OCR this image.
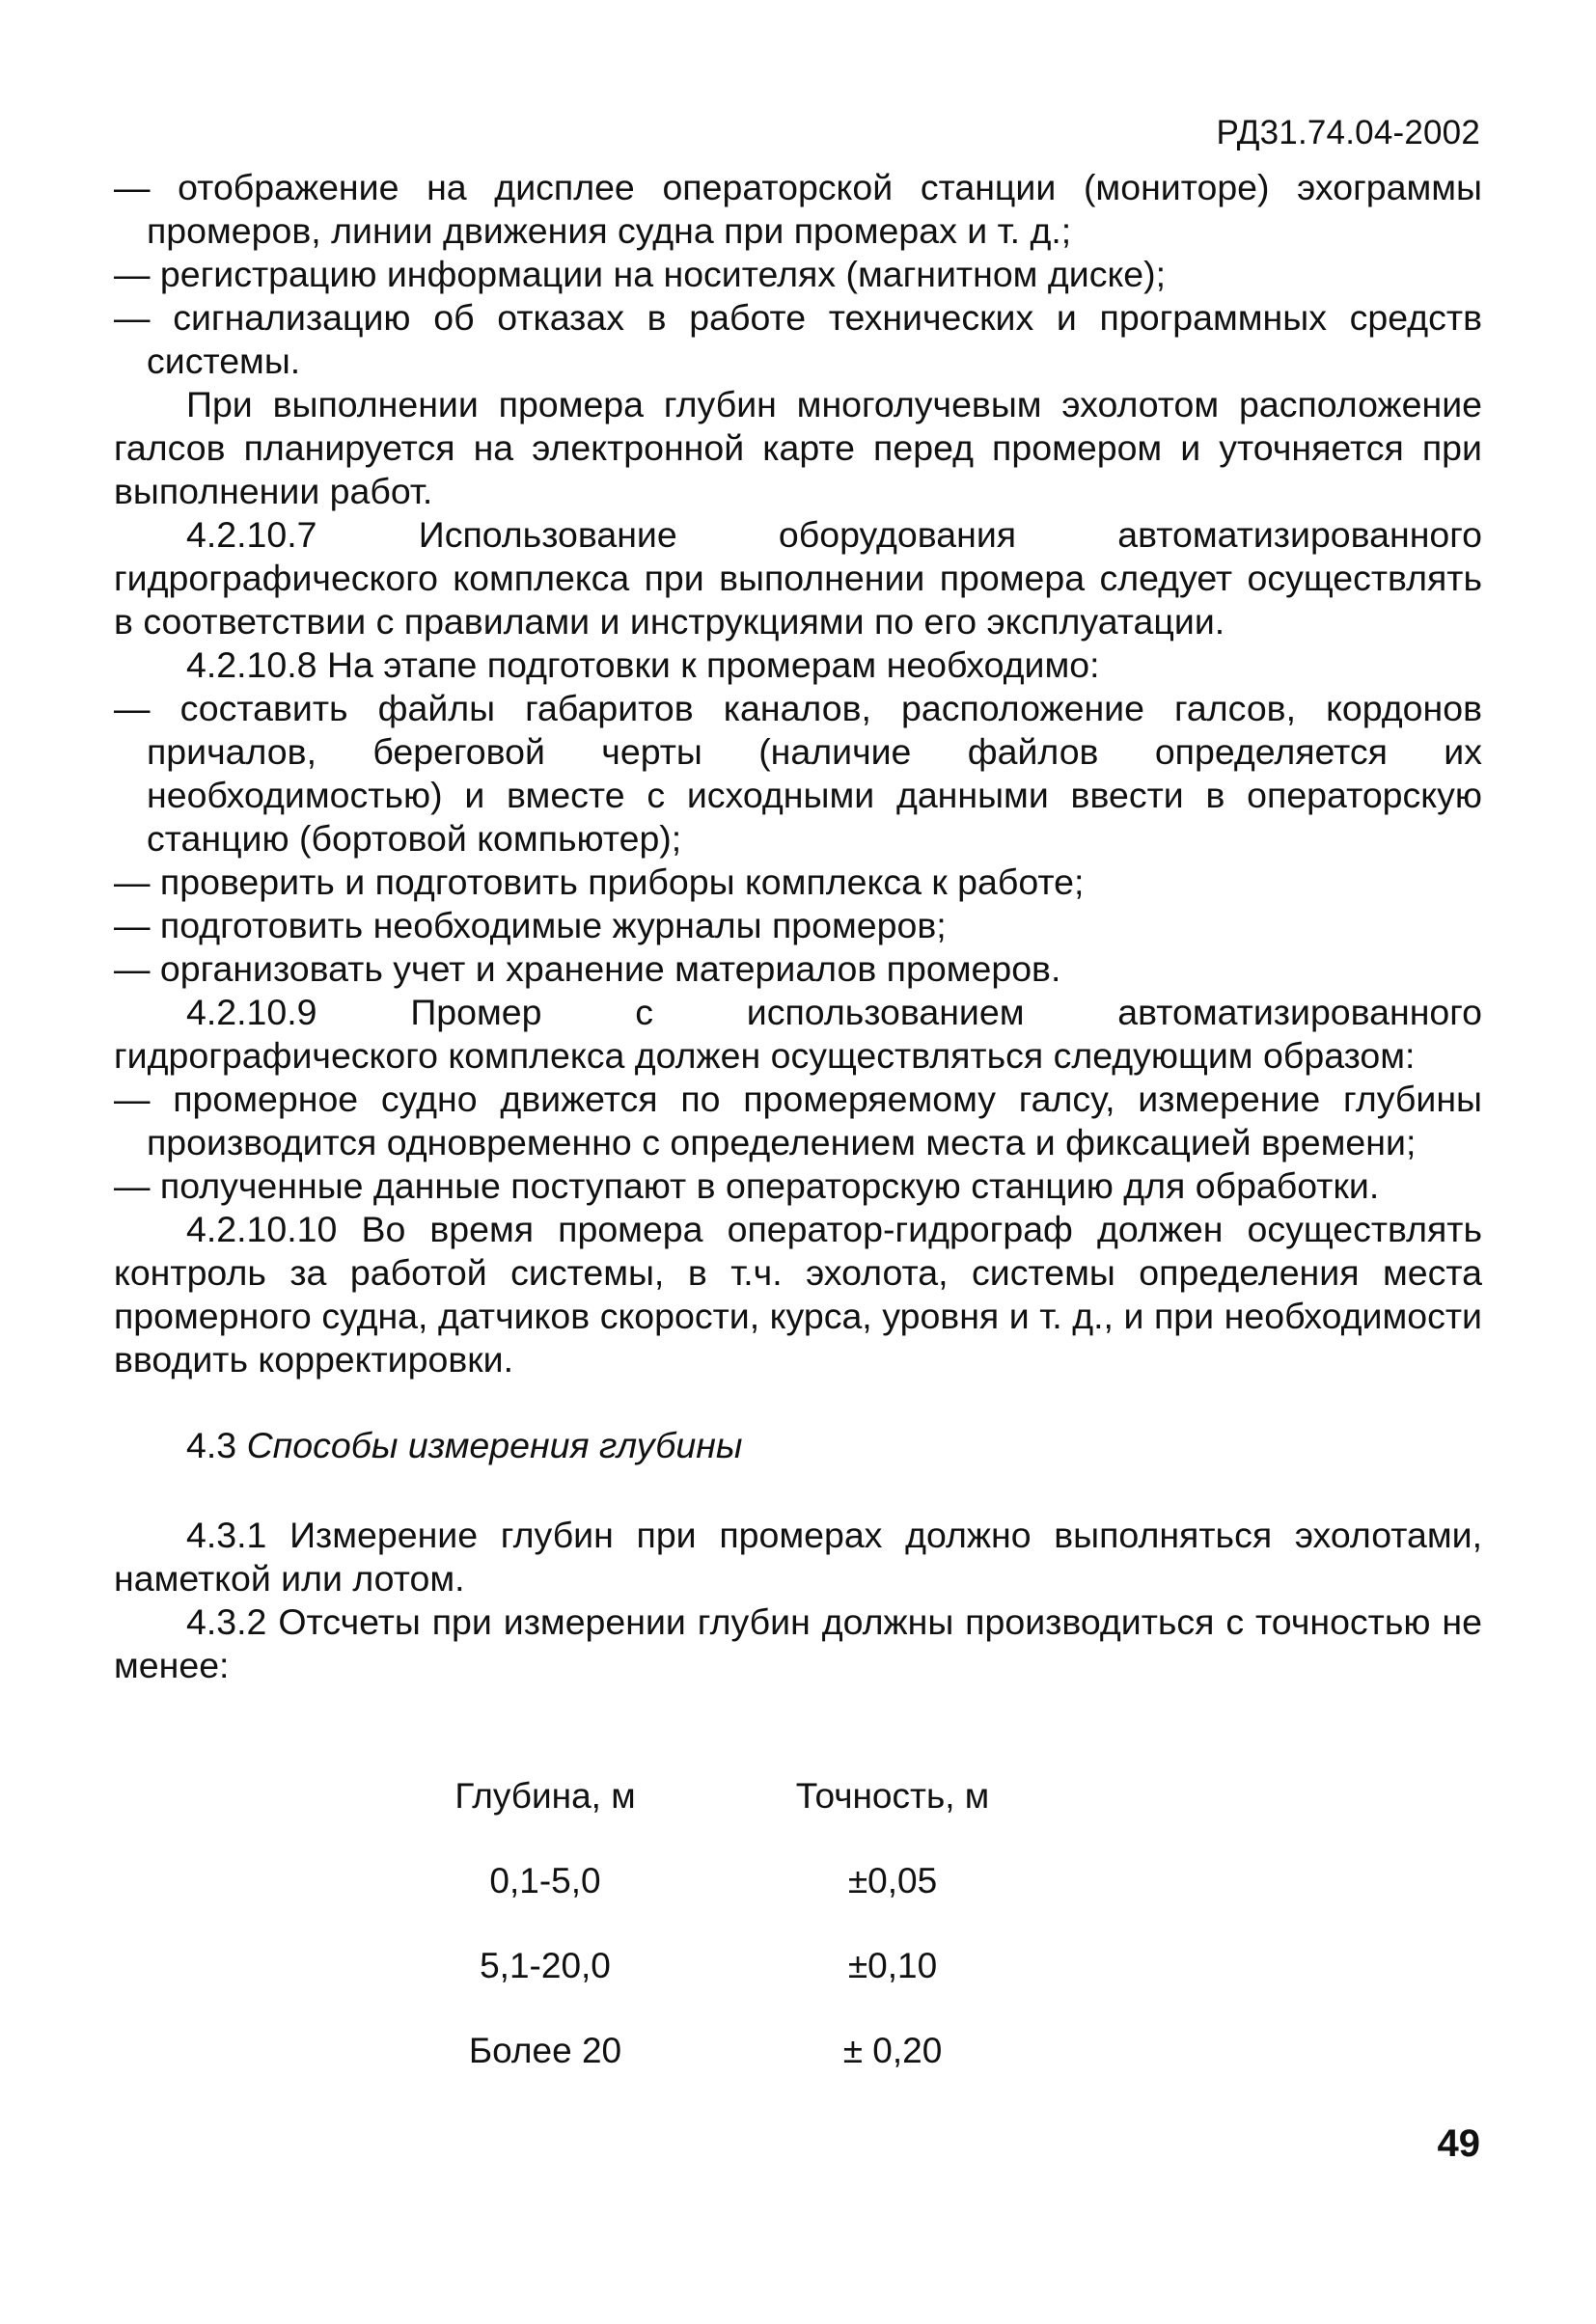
РД31.74.04-2002

— отображение на дисплее операторской станции (мониторе) эхограммы промеров, линии движения судна при промерах и т. д.;

— регистрацию информации на носителях (магнитном диске);

— сигнализацию об отказах в работе технических и программных средств системы.

При выполнении промера глубин многолучевым эхолотом расположение галсов планируется на электронной карте перед промером и уточняется при выполнении работ.

4.2.10.7 Использование оборудования автоматизированного гидрографического комплекса при выполнении промера следует осуществлять в соответствии с правилами и инструкциями по его эксплуатации.

4.2.10.8 На этапе подготовки к промерам необходимо:

— составить файлы габаритов каналов, расположение галсов, кордонов причалов, береговой черты (наличие файлов определяется их необходимостью) и вместе с исходными данными ввести в операторскую станцию (бортовой компьютер);

— проверить и подготовить приборы комплекса к работе;

— подготовить необходимые журналы промеров;

— организовать учет и хранение материалов промеров.

4.2.10.9 Промер с использованием автоматизированного гидрографического комплекса должен осуществляться следующим образом:

— промерное судно движется по промеряемому галсу, измерение глубины производится одновременно с определением места и фиксацией времени;

— полученные данные поступают в операторскую станцию для обработки.

4.2.10.10 Во время промера оператор-гидрограф должен осуществлять контроль за работой системы, в т.ч. эхолота, системы определения места промерного судна, датчиков скорости, курса, уровня и т. д., и при необходимости вводить корректировки.

4.3 Способы измерения глубины

4.3.1 Измерение глубин при промерах должно выполняться эхолотами, наметкой или лотом.

4.3.2 Отсчеты при измерении глубин должны производиться с точностью не менее:

Глубина, м	Точность, м
0,1-5,0	±0,05
5,1-20,0	±0,10
Более 20	± 0,20
49
